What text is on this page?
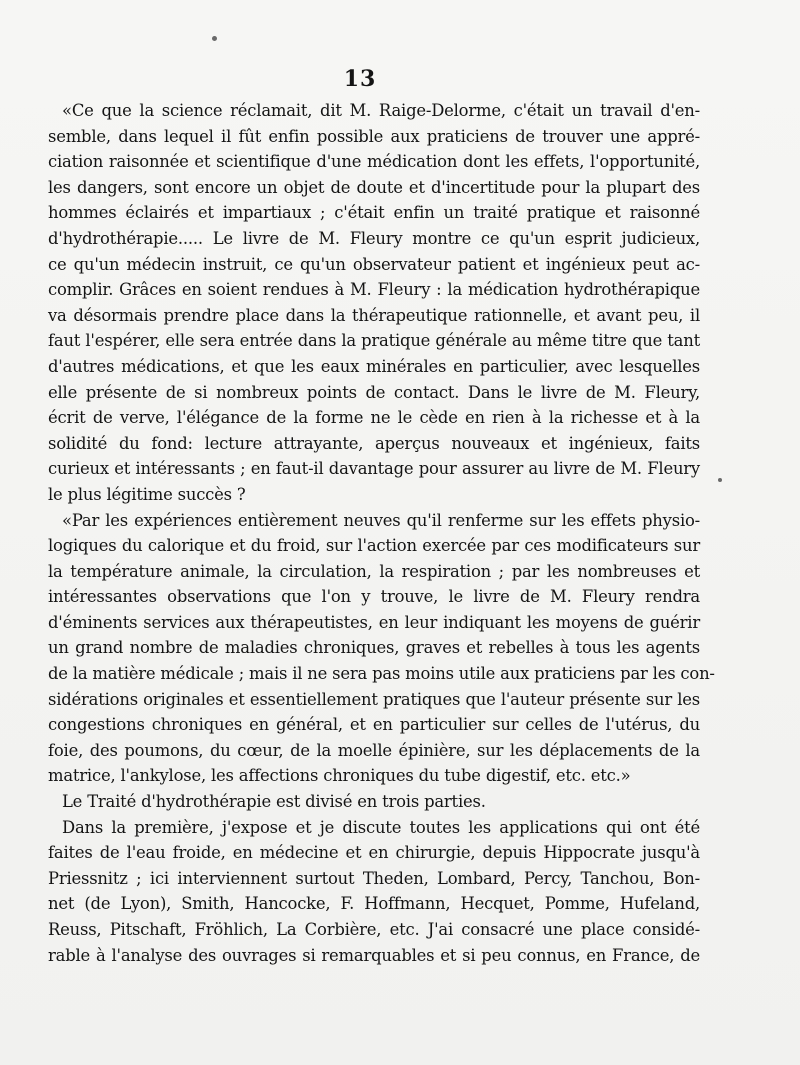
13
«Ce que la science réclamait, dit M. Raige-Delorme, c'était un travail d'en-
semble, dans lequel il fût enfin possible aux praticiens de trouver une appré-
ciation raisonnée et scientifique d'une médication dont les effets, l'opportunité,
les dangers, sont encore un objet de doute et d'incertitude pour la plupart des
hommes éclairés et impartiaux ; c'était enfin un traité pratique et raisonné
d'hydrothérapie..... Le livre de M. Fleury montre ce qu'un esprit judicieux,
ce qu'un médecin instruit, ce qu'un observateur patient et ingénieux peut ac-
complir. Grâces en soient rendues à M. Fleury : la médication hydrothérapique
va désormais prendre place dans la thérapeutique rationnelle, et avant peu, il
faut l'espérer, elle sera entrée dans la pratique générale au même titre que tant
d'autres médications, et que les eaux minérales en particulier, avec lesquelles
elle présente de si nombreux points de contact. Dans le livre de M. Fleury,
écrit de verve, l'élégance de la forme ne le cède en rien à la richesse et à la
solidité du fond: lecture attrayante, aperçus nouveaux et ingénieux, faits
curieux et intéressants ; en faut-il davantage pour assurer au livre de M. Fleury
le plus légitime succès ?
«Par les expériences entièrement neuves qu'il renferme sur les effets physio-
logiques du calorique et du froid, sur l'action exercée par ces modificateurs sur
la température animale, la circulation, la respiration ; par les nombreuses et
intéressantes observations que l'on y trouve, le livre de M. Fleury rendra
d'éminents services aux thérapeutistes, en leur indiquant les moyens de guérir
un grand nombre de maladies chroniques, graves et rebelles à tous les agents
de la matière médicale ; mais il ne sera pas moins utile aux praticiens par les con-
sidérations originales et essentiellement pratiques que l'auteur présente sur les
congestions chroniques en général, et en particulier sur celles de l'utérus, du
foie, des poumons, du cœur, de la moelle épinière, sur les déplacements de la
matrice, l'ankylose, les affections chroniques du tube digestif, etc. etc.»
Le Traité d'hydrothérapie est divisé en trois parties.
Dans la première, j'expose et je discute toutes les applications qui ont été
faites de l'eau froide, en médecine et en chirurgie, depuis Hippocrate jusqu'à
Priessnitz ; ici interviennent surtout Theden, Lombard, Percy, Tanchou, Bon-
net (de Lyon), Smith, Hancocke, F. Hoffmann, Hecquet, Pomme, Hufeland,
Reuss, Pitschaft, Fröhlich, La Corbière, etc. J'ai consacré une place considé-
rable à l'analyse des ouvrages si remarquables et si peu connus, en France, de
